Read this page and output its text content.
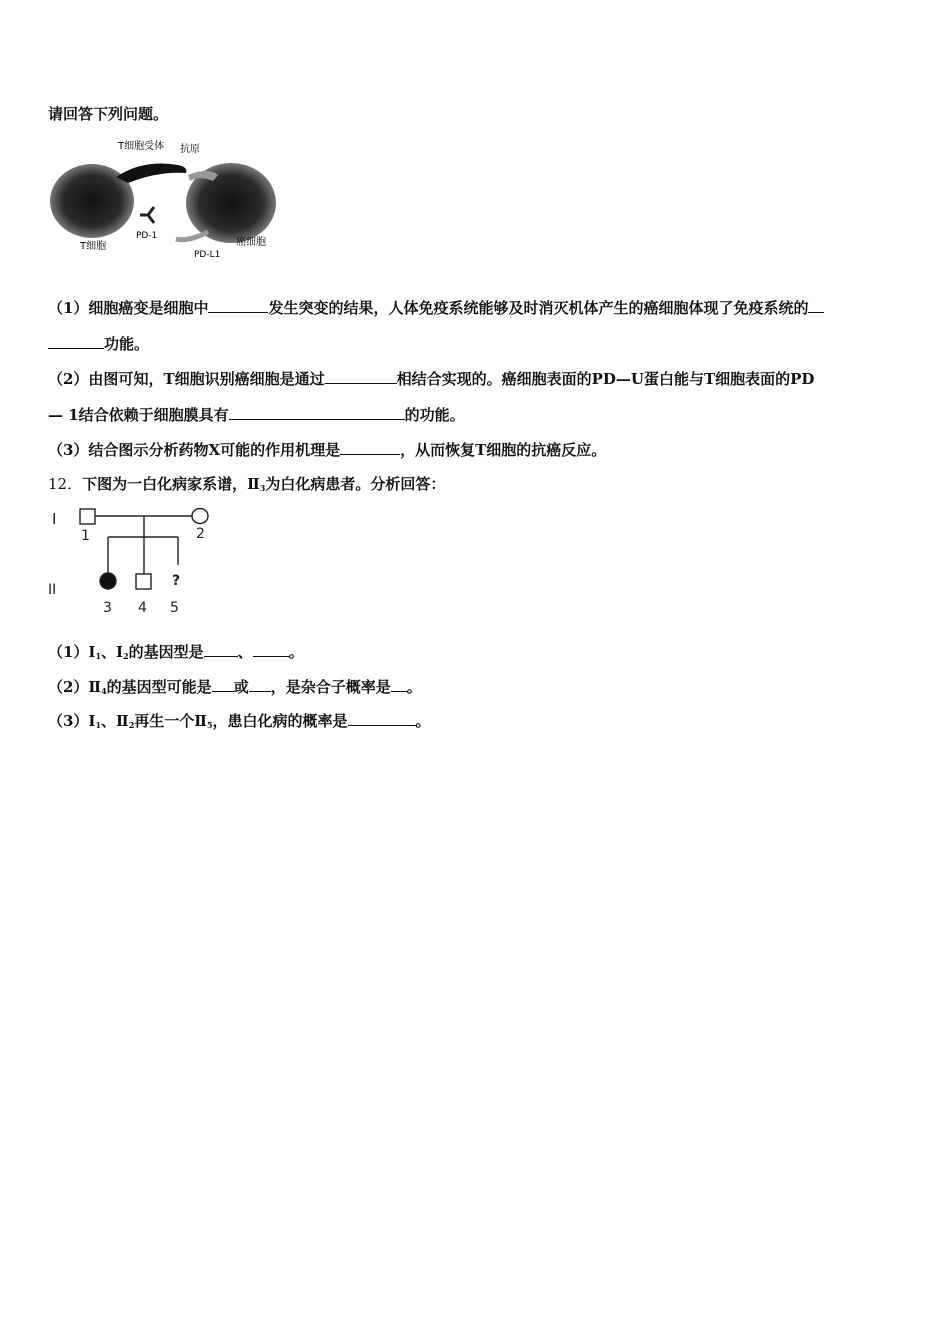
请回答下列问题。
T细胞受体 抗原
PD-1
T细胞
PD-L1
癌细胞
（1）细胞癌变是细胞中	发生突变的结果，人体免疫系统能够及时消灭机体产生的癌细胞体现了免疫系统的
功能。
（2）由图可知，T细胞识别癌细胞是通过	相结合实现的。癌细胞表面的PD—U蛋白能与T细胞表面的PD
— 1结合依赖于细胞膜具有	的功能。
（3）结合图示分析药物X可能的作用机理是	，从而恢复T细胞的抗癌反应。
12．下图为一白化病家系谱，$Ⅱ_3$为白化病患者。分析回答：
I
1	2
II
?
3 4 5
$(1)Ⅰ_1$、$Ⅰ_2$的基因型是 、 。
$(2)Ⅱ_4$的基因型可能是 或 ，是杂合子概率是 。
$(3)Ⅰ_1$、$Ⅱ_2$再生一个$Ⅱ_5$，患白化病的概率是	。
